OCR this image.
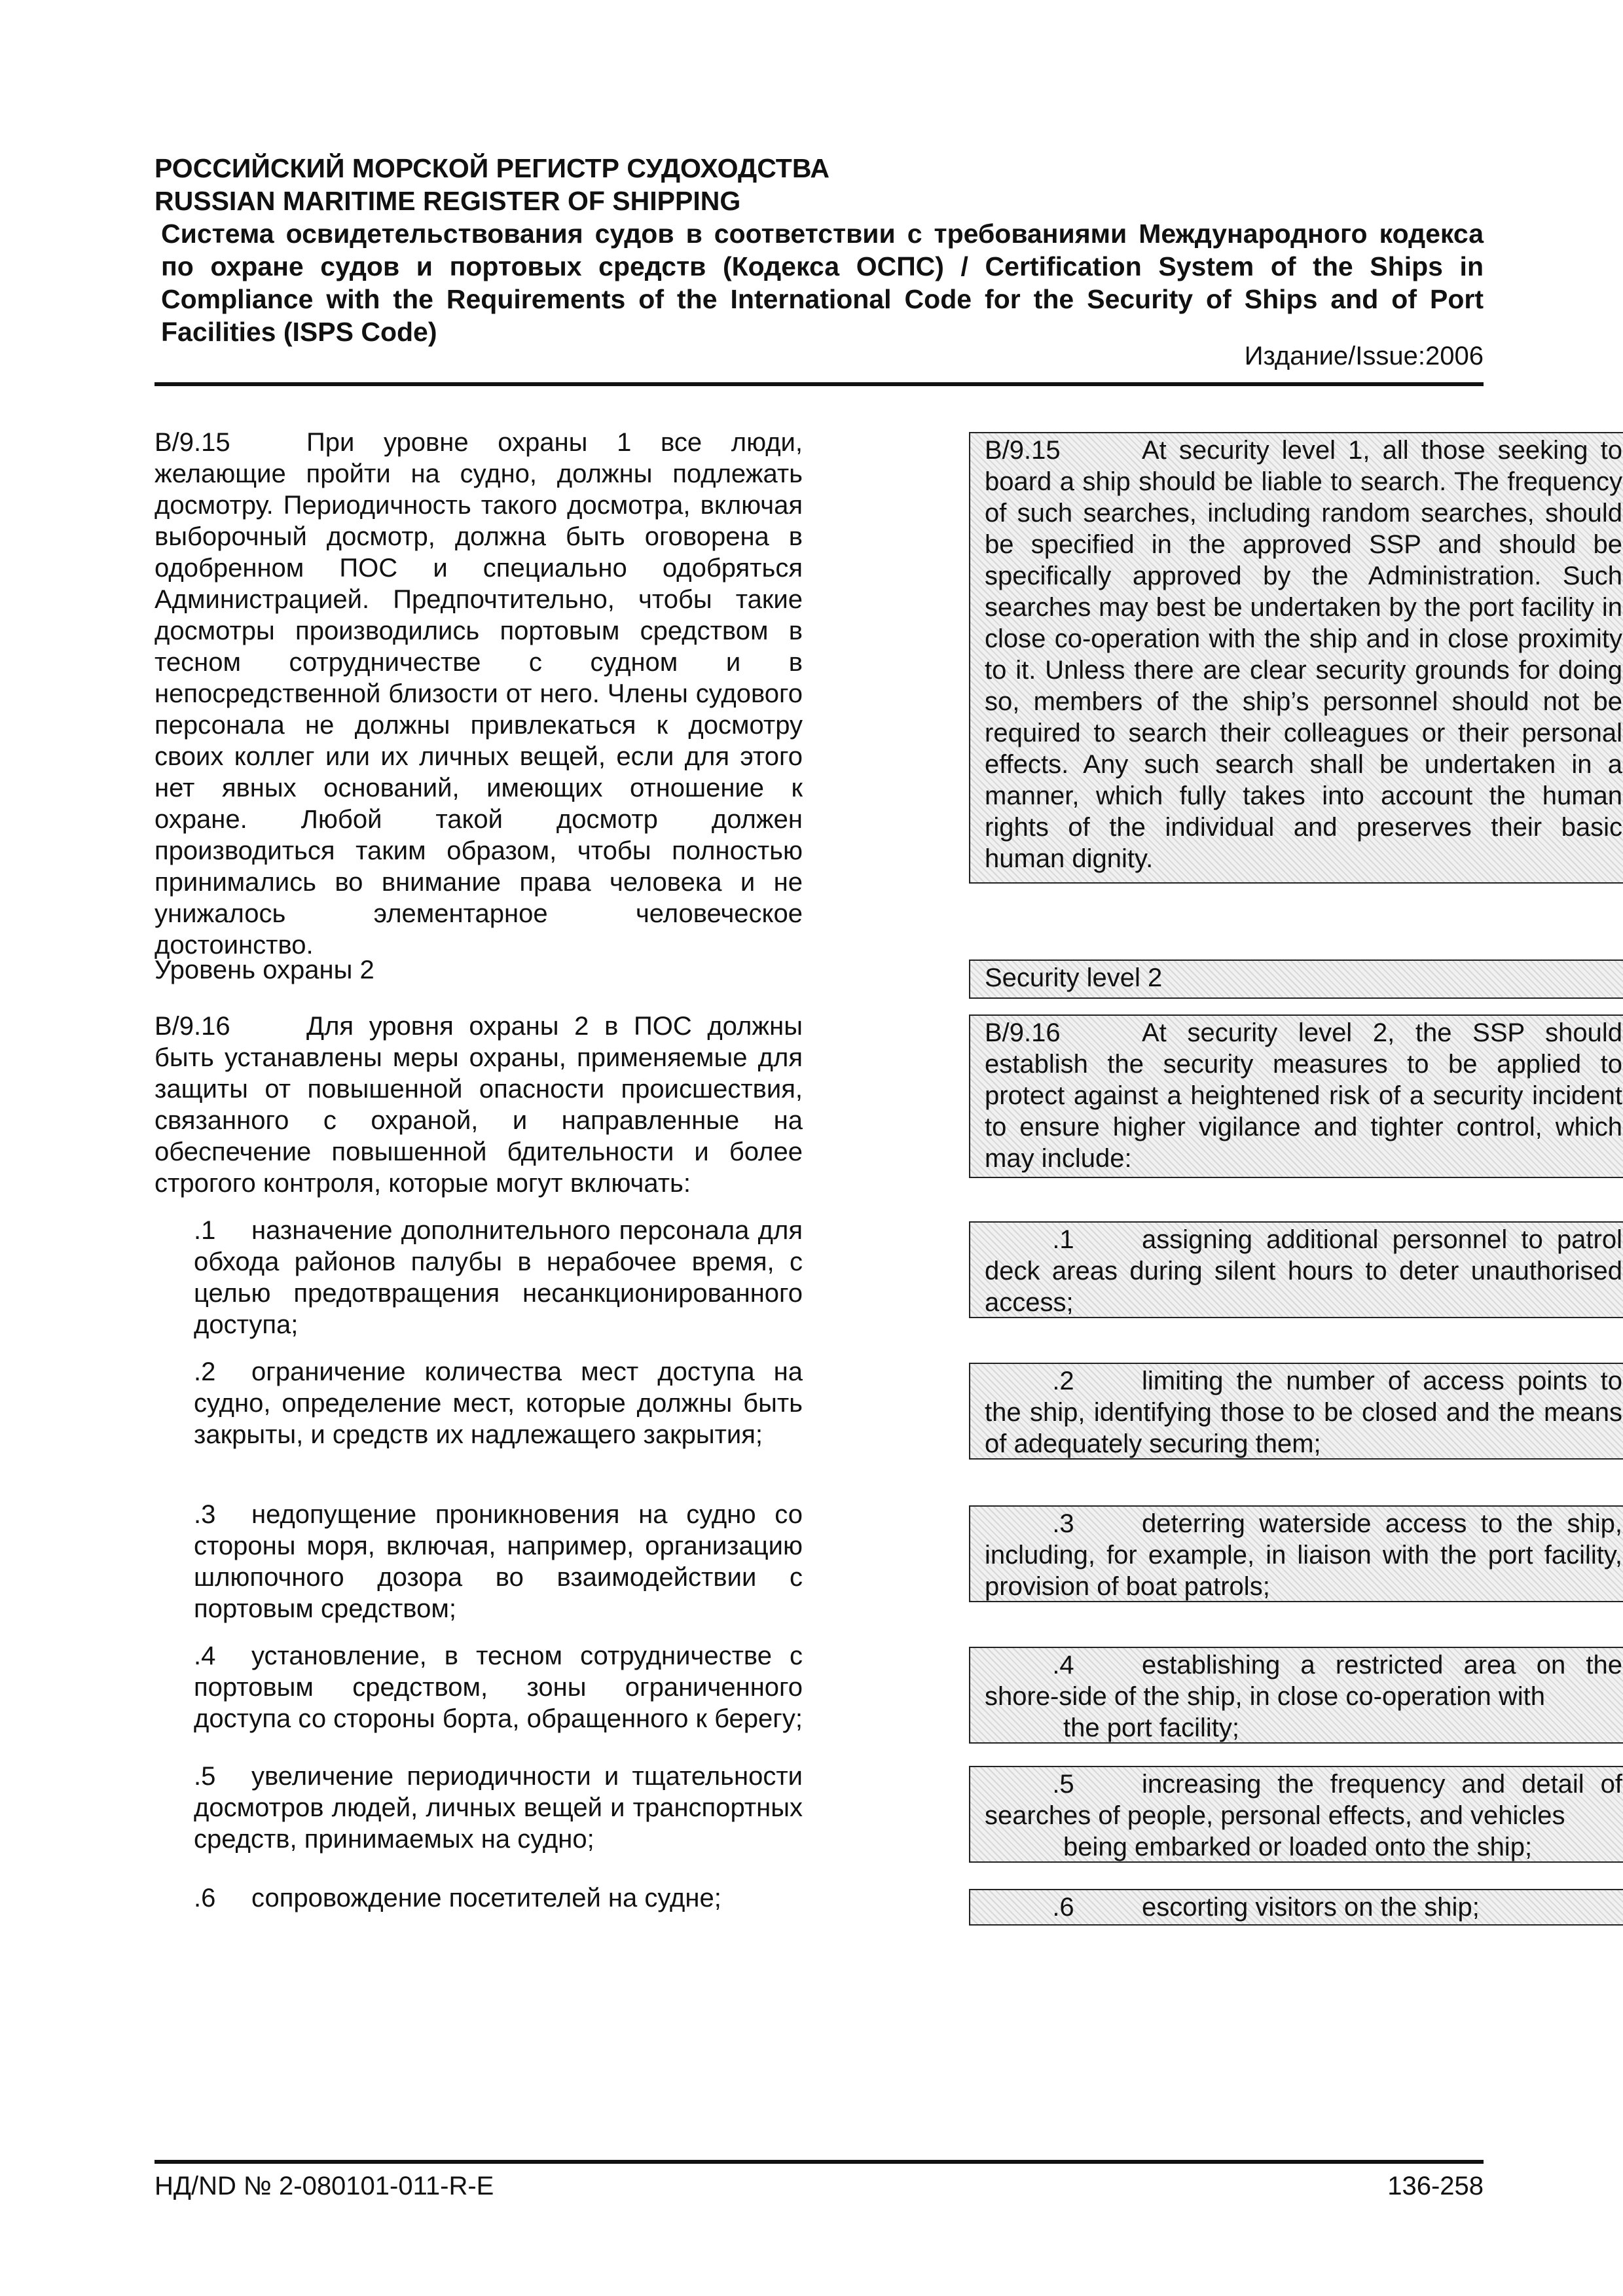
РОССИЙСКИЙ МОРСКОЙ РЕГИСТР СУДОХОДСТВА
RUSSIAN MARITIME REGISTER OF SHIPPING
Система освидетельствования судов в соответствии с требованиями Международного кодекса по охране судов и портовых средств (Кодекса ОСПС) / Certification System of the Ships in Compliance with the Requirements of the International Code for the Security of Ships and of Port Facilities (ISPS Code)
Издание/Issue:2006
B/9.15	При уровне охраны 1 все люди, желающие пройти на судно, должны подлежать досмотру. Периодичность такого досмотра, включая выборочный досмотр, должна быть оговорена в одобренном ПОС и специально одобряться Администрацией. Предпочтительно, чтобы такие досмотры производились портовым средством в тесном сотрудничестве с судном и в непосредственной близости от него. Члены судового персонала не должны привлекаться к досмотру своих коллег или их личных вещей, если для этого нет явных оснований, имеющих отношение к охране. Любой такой досмотр должен производиться таким образом, чтобы полностью принимались во внимание права человека и не унижалось элементарное человеческое достоинство.
B/9.15	At security level 1, all those seeking to board a ship should be liable to search. The frequency of such searches, including random searches, should be specified in the approved SSP and should be specifically approved by the Administration. Such searches may best be undertaken by the port facility in close co-operation with the ship and in close proximity to it. Unless there are clear security grounds for doing so, members of the ship’s personnel should not be required to search their colleagues or their personal effects. Any such search shall be undertaken in a manner, which fully takes into account the human rights of the individual and preserves their basic human dignity.
Уровень охраны 2	Security level 2
B/9.16	Для уровня охраны 2 в ПОС должны быть устанавлены меры охраны, применяемые для защиты от повышенной опасности происшествия, связанного с охраной, и направленные на обеспечение повышенной бдительности и более строгого контроля, которые могут включать:
B/9.16	At security level 2, the SSP should establish the security measures to be applied to protect against a heightened risk of a security incident to ensure higher vigilance and tighter control, which may include:
.1 назначение дополнительного персонала для обхода районов палубы в нерабочее время, с целью предотвращения несанкционированного доступа;
.1	assigning additional personnel to patrol deck areas during silent hours to deter unauthorised access;
.2 ограничение количества мест доступа на судно, определение мест, которые должны быть закрыты, и средств их надлежащего закрытия;
.2	limiting the number of access points to the ship, identifying those to be closed and the means of adequately securing them;
.3 недопущение проникновения на судно со стороны моря, включая, например, организацию шлюпочного дозора во взаимодействии с портовым средством;
.3	deterring waterside access to the ship, including, for example, in liaison with the port facility, provision of boat patrols;
.4 установление, в тесном сотрудничестве с портовым средством, зоны ограниченного доступа со стороны борта, обращенного к берегу;
.4	establishing a restricted area on the shore-side of the ship, in close co-operation with
the port facility;
.5 увеличение периодичности и тщательности досмотров людей, личных вещей и транспортных средств, принимаемых на судно;
.5	increasing the frequency and detail of searches of people, personal effects, and vehicles
being embarked or loaded onto the ship;
.6 сопровождение посетителей на судне;	.6	escorting visitors on the ship;
НД/ND № 2-080101-011-R-E	136-258
